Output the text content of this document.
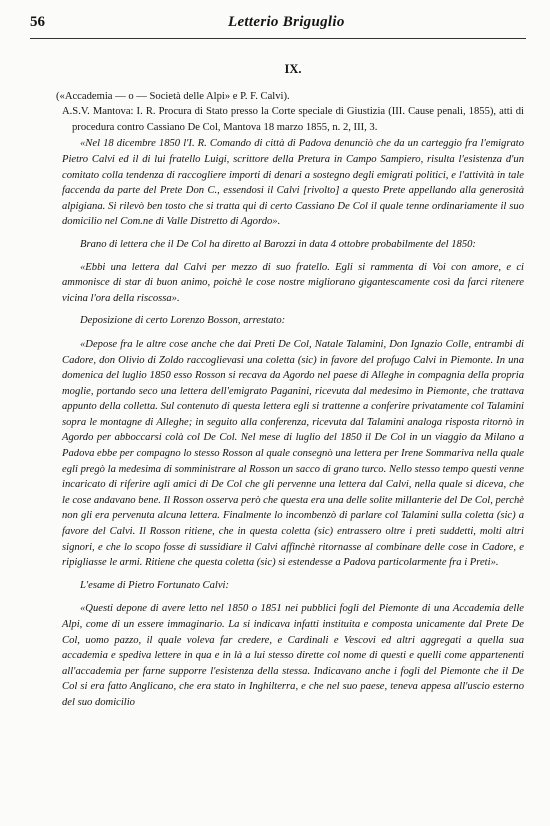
56	Letterio Briguglio
IX.

(«Accademia — o — Società delle Alpi» e P. F. Calvi).

A.S.V. Mantova: I. R. Procura di Stato presso la Corte speciale di Giustizia (III. Cause penali, 1855), atti di procedura contro Cassiano De Col, Mantova 18 marzo 1855, n. 2, III, 3.

«Nel 18 dicembre 1850 l'I. R. Comando di città di Padova denunciò che da un carteggio fra l'emigrato Pietro Calvi ed il di lui fratello Luigi, scrittore della Pretura in Campo Sampiero, risulta l'esistenza d'un comitato colla tendenza di raccogliere importi di denari a sostegno degli emigrati politici, e l'attività in tale faccenda da parte del Prete Don C., essendosi il Calvi [rivolto] a questo Prete appellando alla generosità alpigiana. Si rilevò ben tosto che si tratta qui di certo Cassiano De Col il quale tenne ordinariamente il suo domicilio nel Com.ne di Valle Distretto di Agordo».

Brano di lettera che il De Col ha diretto al Barozzi in data 4 ottobre probabilmente del 1850:

«Ebbi una lettera dal Calvi per mezzo di suo fratello. Egli si rammenta di Voi con amore, e ci ammonisce di star di buon animo, poichè le cose nostre migliorano gigantescamente così da farci ritenere vicina l'ora della riscossa».

Deposizione di certo Lorenzo Bosson, arrestato:

«Depose fra le altre cose anche che dai Preti De Col, Natale Talamini, Don Ignazio Colle, entrambi di Cadore, don Olivio di Zoldo raccoglievasi una coletta (sic) in favore del profugo Calvi in Piemonte. In una domenica del luglio 1850 esso Rosson si recava da Agordo nel paese di Alleghe in compagnia della propria moglie, portando seco una lettera dell'emigrato Paganini, ricevuta dal medesimo in Piemonte, che trattava appunto della colletta. Sul contenuto di questa lettera egli si trattenne a conferire privatamente col Talamini sopra le montagne di Alleghe; in seguito alla conferenza, ricevuta dal Talamini analoga risposta ritornò in Agordo per abboccarsi colà col De Col. Nel mese di luglio del 1850 il De Col in un viaggio da Milano a Padova ebbe per compagno lo stesso Rosson al quale consegnò una lettera per Irene Sommariva nella quale egli pregò la medesima di somministrare al Rosson un sacco di grano turco. Nello stesso tempo questi venne incaricato di riferire agli amici di De Col che gli pervenne una lettera dal Calvi, nella quale si diceva, che le cose andavano bene. Il Rosson osserva però che questa era una delle solite millanterie del De Col, perchè non gli era pervenuta alcuna lettera. Finalmente lo incombenzò di parlare col Talamini sulla coletta (sic) a favore del Calvi. Il Rosson ritiene, che in questa coletta (sic) entrassero oltre i preti suddetti, molti altri signori, e che lo scopo fosse di sussidiare il Calvi affinchè ritornasse al combinare delle cose in Cadore, e ripigliasse le armi. Ritiene che questa coletta (sic) si estendesse a Padova particolarmente fra i Preti».

L'esame di Pietro Fortunato Calvi:

«Questi depone di avere letto nel 1850 o 1851 nei pubblici fogli del Piemonte di una Accademia delle Alpi, come di un essere immaginario. La si indicava infatti instituita e composta unicamente dal Prete De Col, uomo pazzo, il quale voleva far credere, e Cardinali e Vescovi ed altri aggregati a quella sua accademia e spediva lettere in qua e in là a lui stesso dirette col nome di questi e quelli come appartenenti all'accademia per farne supporre l'esistenza della stessa. Indicavano anche i fogli del Piemonte che il De Col si era fatto Anglicano, che era stato in Inghilterra, e che nel suo paese, teneva appesa all'uscio esterno del suo domicilio
